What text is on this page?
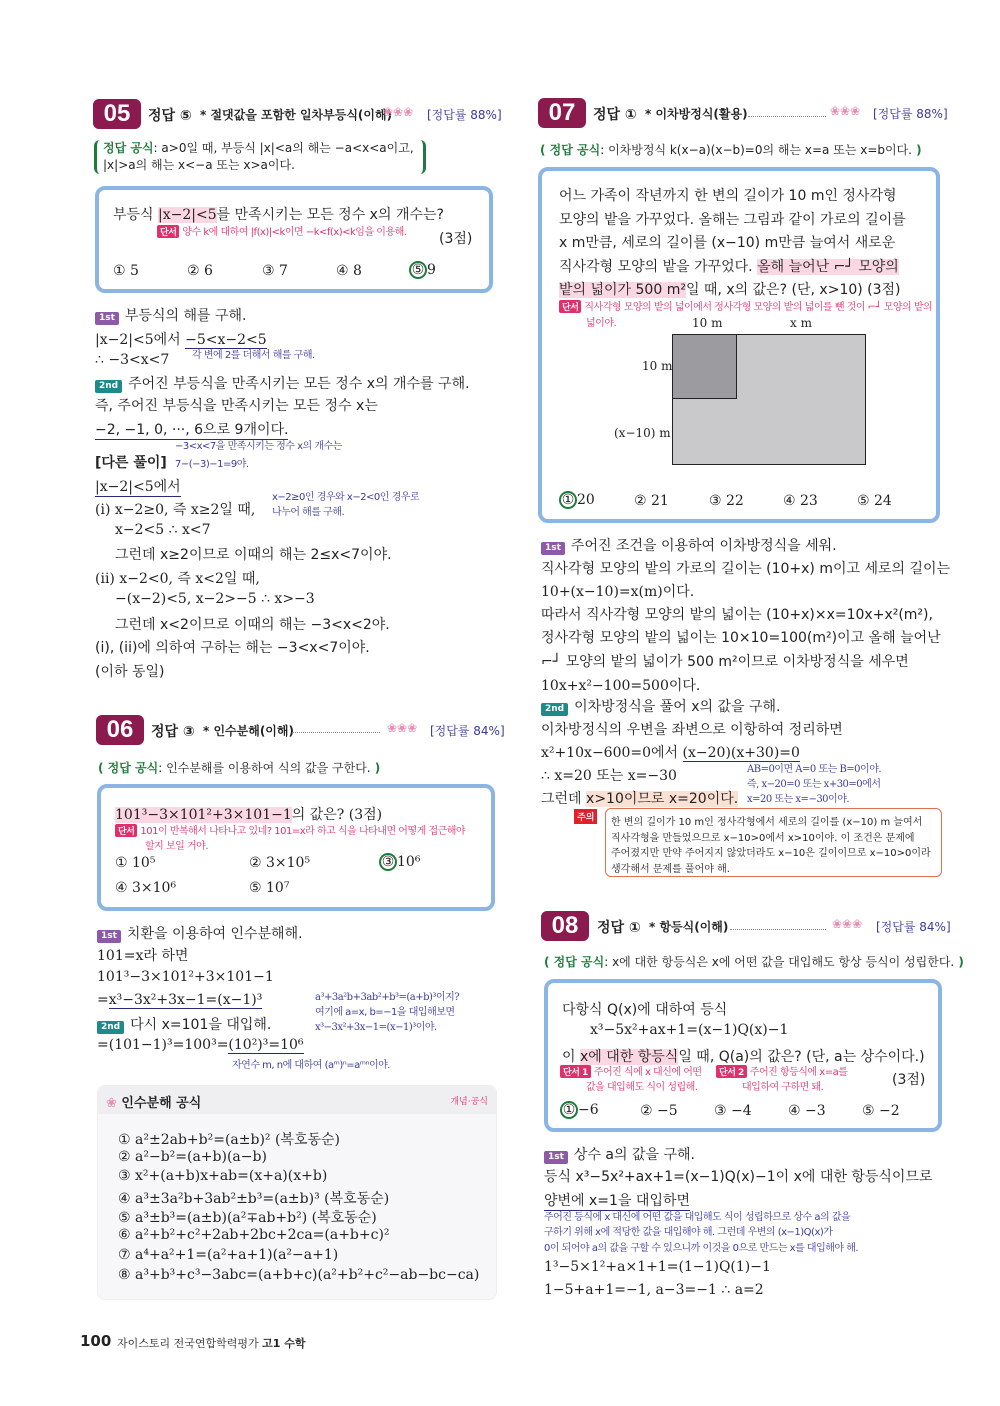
05	정답 ⑤ * 절댓값을 포함한 일차부등식(이해)
❀❀❀ [정답률 88%]
정답 공식: a>0일 때, 부등식 |x|<a의 해는 −a<x<a이고,
|x|>a의 해는 x<−a 또는 x>a이다.
부등식 |x−2|<5를 만족시키는 모든 정수 x의 개수는?
단서 양수 k에 대하여 |f(x)|<k이면 −k<f(x)<k임을 이용해. (3점)
① 5	② 6	③ 7	④ 8	⑤ 9
1st 부등식의 해를 구해.
|x−2|<5에서 −5<x−2<5
각 변에 2를 더해서 해를 구해.
∴ −3<x<7
2nd 주어진 부등식을 만족시키는 모든 정수 x의 개수를 구해.
즉, 주어진 부등식을 만족시키는 모든 정수 x는
−2, −1, 0, ···, 6으로 9개이다.
−3<x<7을 만족시키는 정수 x의 개수는
[다른 풀이] 7−(−3)−1=9야.
|x−2|<5에서
x−2≥0인 경우와 x−2<0인 경우로
나누어 해를 구해.
(i) x−2≥0, 즉 x≥2일 때,
x−2<5 ∴ x<7
그런데 x≥2이므로 이때의 해는 2≤x<7이야.
(ii) x−2<0, 즉 x<2일 때,
−(x−2)<5, x−2>−5 ∴ x>−3
그런데 x<2이므로 이때의 해는 −3<x<2야.
(i), (ii)에 의하여 구하는 해는 −3<x<7이야.
(이하 동일)
06	정답 ③ * 인수분해(이해)	❀❀❀ [정답률 84%]
( 정답 공식: 인수분해를 이용하여 식의 값을 구한다. )
101³−3×101²+3×101−1의 값은? (3점)
단서 101이 반복해서 나타나고 있네? 101=x라 하고 식을 나타내면 어떻게 접근해야
할지 보일 거야.
① 10⁵	② 3×10⁵	③ 10⁶
④ 3×10⁶	⑤ 10⁷
1st 치환을 이용하여 인수분해해.
101=x라 하면
101³−3×101²+3×101−1
=x³−3x²+3x−1=(x−1)³	a³+3a²b+3ab²+b³=(a+b)³이지?
여기에 a=x, b=−1을 대입해보면
x³−3x²+3x−1=(x−1)³이야.
2nd 다시 x=101을 대입해.
=(101−1)³=100³=(10²)³=10⁶
자연수 m, n에 대하여 (aᵐ)ⁿ=aᵐⁿ이야.
❀ 인수분해 공식	개념·공식
① a²±2ab+b²=(a±b)² (복호동순)
② a²−b²=(a+b)(a−b)
③ x²+(a+b)x+ab=(x+a)(x+b)
④ a³±3a²b+3ab²±b³=(a±b)³ (복호동순)
⑤ a³±b³=(a±b)(a²∓ab+b²) (복호동순)
⑥ a²+b²+c²+2ab+2bc+2ca=(a+b+c)²
⑦ a⁴+a²+1=(a²+a+1)(a²−a+1)
⑧ a³+b³+c³−3abc=(a+b+c)(a²+b²+c²−ab−bc−ca)
07	정답 ① * 이차방정식(활용)	❀❀❀ [정답률 88%]
( 정답 공식: 이차방정식 k(x−a)(x−b)=0의 해는 x=a 또는 x=b이다. )
어느 가족이 작년까지 한 변의 길이가 10 m인 정사각형
모양의 밭을 가꾸었다. 올해는 그림과 같이 가로의 길이를
x m만큼, 세로의 길이를 (x−10) m만큼 늘여서 새로운
직사각형 모양의 밭을 가꾸었다. 올해 늘어난 ⌐┘ 모양의
밭의 넓이가 500 m²일 때, x의 값은? (단, x>10) (3점)
단서 직사각형 모양의 밭의 넓이에서 정사각형 모양의 밭의 넓이를 뺀 것이 ⌐┘ 모양의 밭의
넓이야.	10 m	x m
10 m
(x−10) m
① 20	② 21	③ 22	④ 23	⑤ 24
1st 주어진 조건을 이용하여 이차방정식을 세워.
직사각형 모양의 밭의 가로의 길이는 (10+x) m이고 세로의 길이는
10+(x−10)=x(m)이다.
따라서 직사각형 모양의 밭의 넓이는 (10+x)×x=10x+x²(m²),
정사각형 모양의 밭의 넓이는 10×10=100(m²)이고 올해 늘어난
⌐┘ 모양의 밭의 넓이가 500 m²이므로 이차방정식을 세우면
10x+x²−100=500이다.
2nd 이차방정식을 풀어 x의 값을 구해.
이차방정식의 우변을 좌변으로 이항하여 정리하면
x²+10x−600=0에서 (x−20)(x+30)=0
∴ x=20 또는 x=−30
그런데 x>10이므로 x=20이다.
AB=0이면 A=0 또는 B=0이야.
즉, x−20=0 또는 x+30=0에서
x=20 또는 x=−30이야.
주의	한 변의 길이가 10 m인 정사각형에서 세로의 길이를 (x−10) m 늘여서
직사각형을 만들었으므로 x−10>0에서 x>10이야. 이 조건은 문제에
주어졌지만 만약 주어지지 않았더라도 x−10은 길이이므로 x−10>0이라
생각해서 문제를 풀어야 해.
08	정답 ① * 항등식(이해)	❀❀❀ [정답률 84%]
( 정답 공식: x에 대한 항등식은 x에 어떤 값을 대입해도 항상 등식이 성립한다. )
다항식 Q(x)에 대하여 등식
x³−5x²+ax+1=(x−1)Q(x)−1
이 x에 대한 항등식일 때, Q(a)의 값은? (단, a는 상수이다.)
단서 1 주어진 식에 x 대신에 어떤
값을 대입해도 식이 성립해.
단서 2 주어진 항등식에 x=a를
대입하여 구하면 돼.	(3점)
① −6	② −5	③ −4	④ −3	⑤ −2
1st 상수 a의 값을 구해.
등식 x³−5x²+ax+1=(x−1)Q(x)−1이 x에 대한 항등식이므로
양변에 x=1을 대입하면
주어진 등식에 x 대신에 어떤 값을 대입해도 식이 성립하므로 상수 a의 값을
구하기 위해 x에 적당한 값을 대입해야 해. 그런데 우변의 (x−1)Q(x)가
0이 되어야 a의 값을 구할 수 있으니까 이것을 0으로 만드는 x를 대입해야 해.
1³−5×1²+a×1+1=(1−1)Q(1)−1
1−5+a+1=−1, a−3=−1 ∴ a=2
100 자이스토리 전국연합학력평가 고1 수학
